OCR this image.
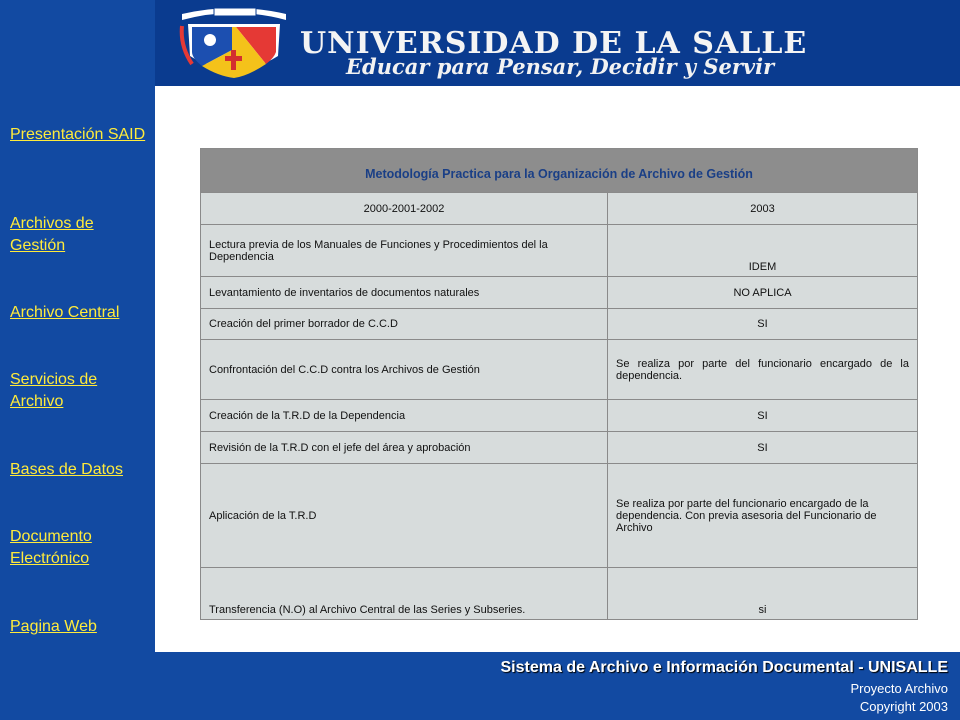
UNIVERSIDAD DE LA SALLE
Educar para Pensar, Decidir y Servir
Presentación SAID
Archivos de Gestión
Archivo Central
Servicios de Archivo
Bases de Datos
Documento Electrónico
Pagina Web
Metodología Practica para la Organización de Archivo de Gestión	
2000-2001-2002	2003
Lectura previa de los Manuales de Funciones y Procedimientos del la Dependencia	IDEM
Levantamiento de inventarios de documentos naturales	NO APLICA
Creación del primer borrador de C.C.D	SI
Confrontación del C.C.D contra los Archivos de Gestión	Se realiza por parte del funcionario encargado de la dependencia.
Creación de la T.R.D de la Dependencia	SI
Revisión de la T.R.D con el jefe del área y aprobación	SI
Aplicación de la T.R.D	Se realiza por parte del funcionario encargado de la dependencia. Con previa asesoria del Funcionario de Archivo
Transferencia (N.O) al Archivo Central de las Series y Subseries.	si
Sistema de Archivo e Información Documental - UNISALLE
Proyecto Archivo
Copyright 2003
